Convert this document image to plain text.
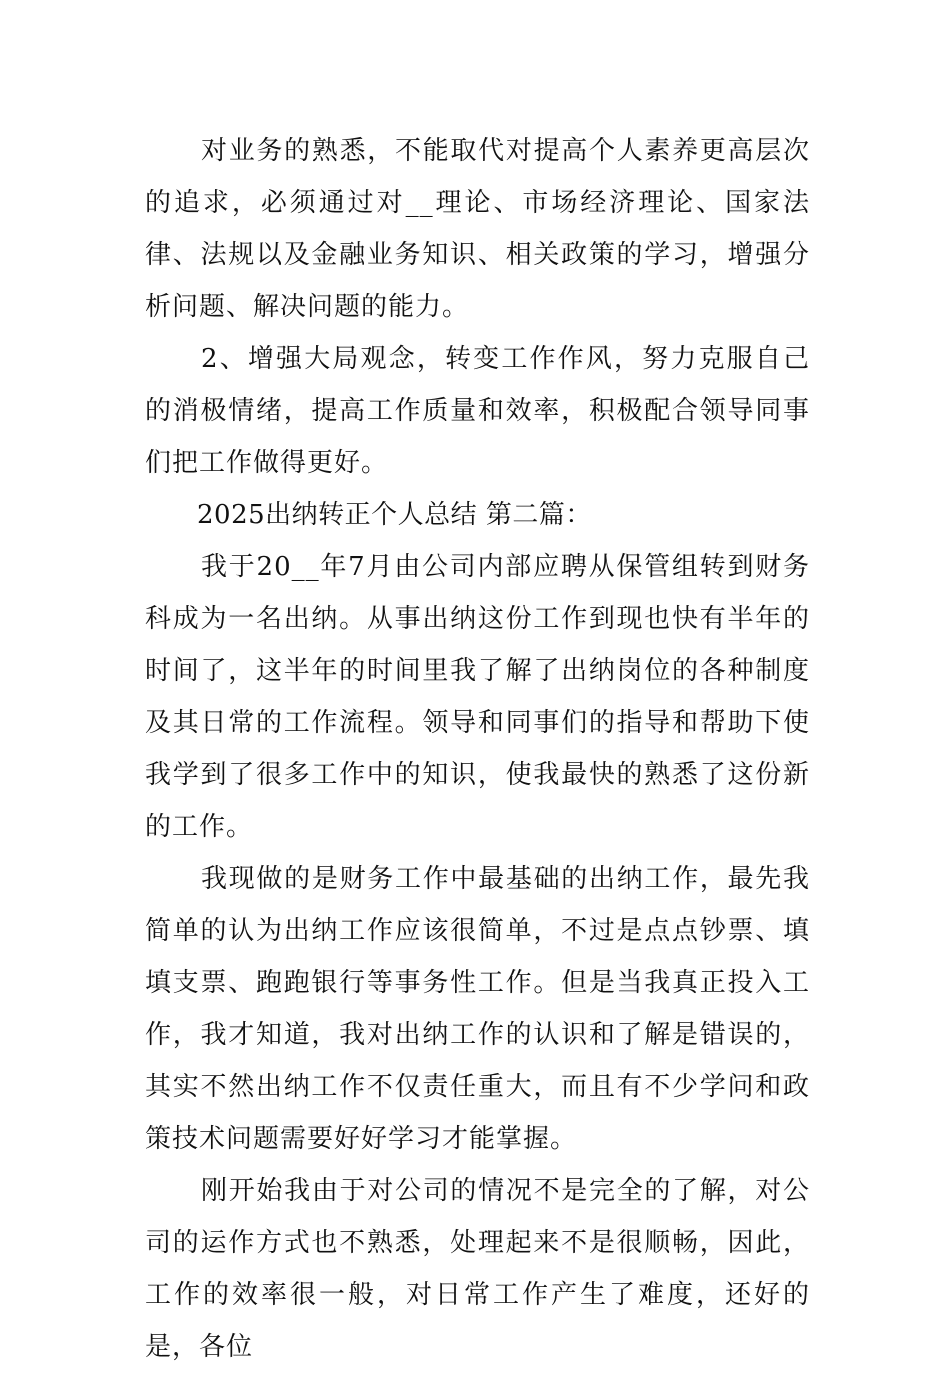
对业务的熟悉，不能取代对提高个人素养更高层次的追求，必须通过对__理论、市场经济理论、国家法律、法规以及金融业务知识、相关政策的学习，增强分析问题、解决问题的能力。

2、增强大局观念，转变工作作风，努力克服自己的消极情绪，提高工作质量和效率，积极配合领导同事们把工作做得更好。

2025出纳转正个人总结 第二篇：

我于20__年7月由公司内部应聘从保管组转到财务科成为一名出纳。从事出纳这份工作到现也快有半年的时间了，这半年的时间里我了解了出纳岗位的各种制度及其日常的工作流程。领导和同事们的指导和帮助下使我学到了很多工作中的知识，使我最快的熟悉了这份新的工作。

我现做的是财务工作中最基础的出纳工作，最先我简单的认为出纳工作应该很简单，不过是点点钞票、填填支票、跑跑银行等事务性工作。但是当我真正投入工作，我才知道，我对出纳工作的认识和了解是错误的，其实不然出纳工作不仅责任重大，而且有不少学问和政策技术问题需要好好学习才能掌握。

刚开始我由于对公司的情况不是完全的了解，对公司的运作方式也不熟悉，处理起来不是很顺畅，因此，工作的效率很一般，对日常工作产生了难度，还好的是，各位
